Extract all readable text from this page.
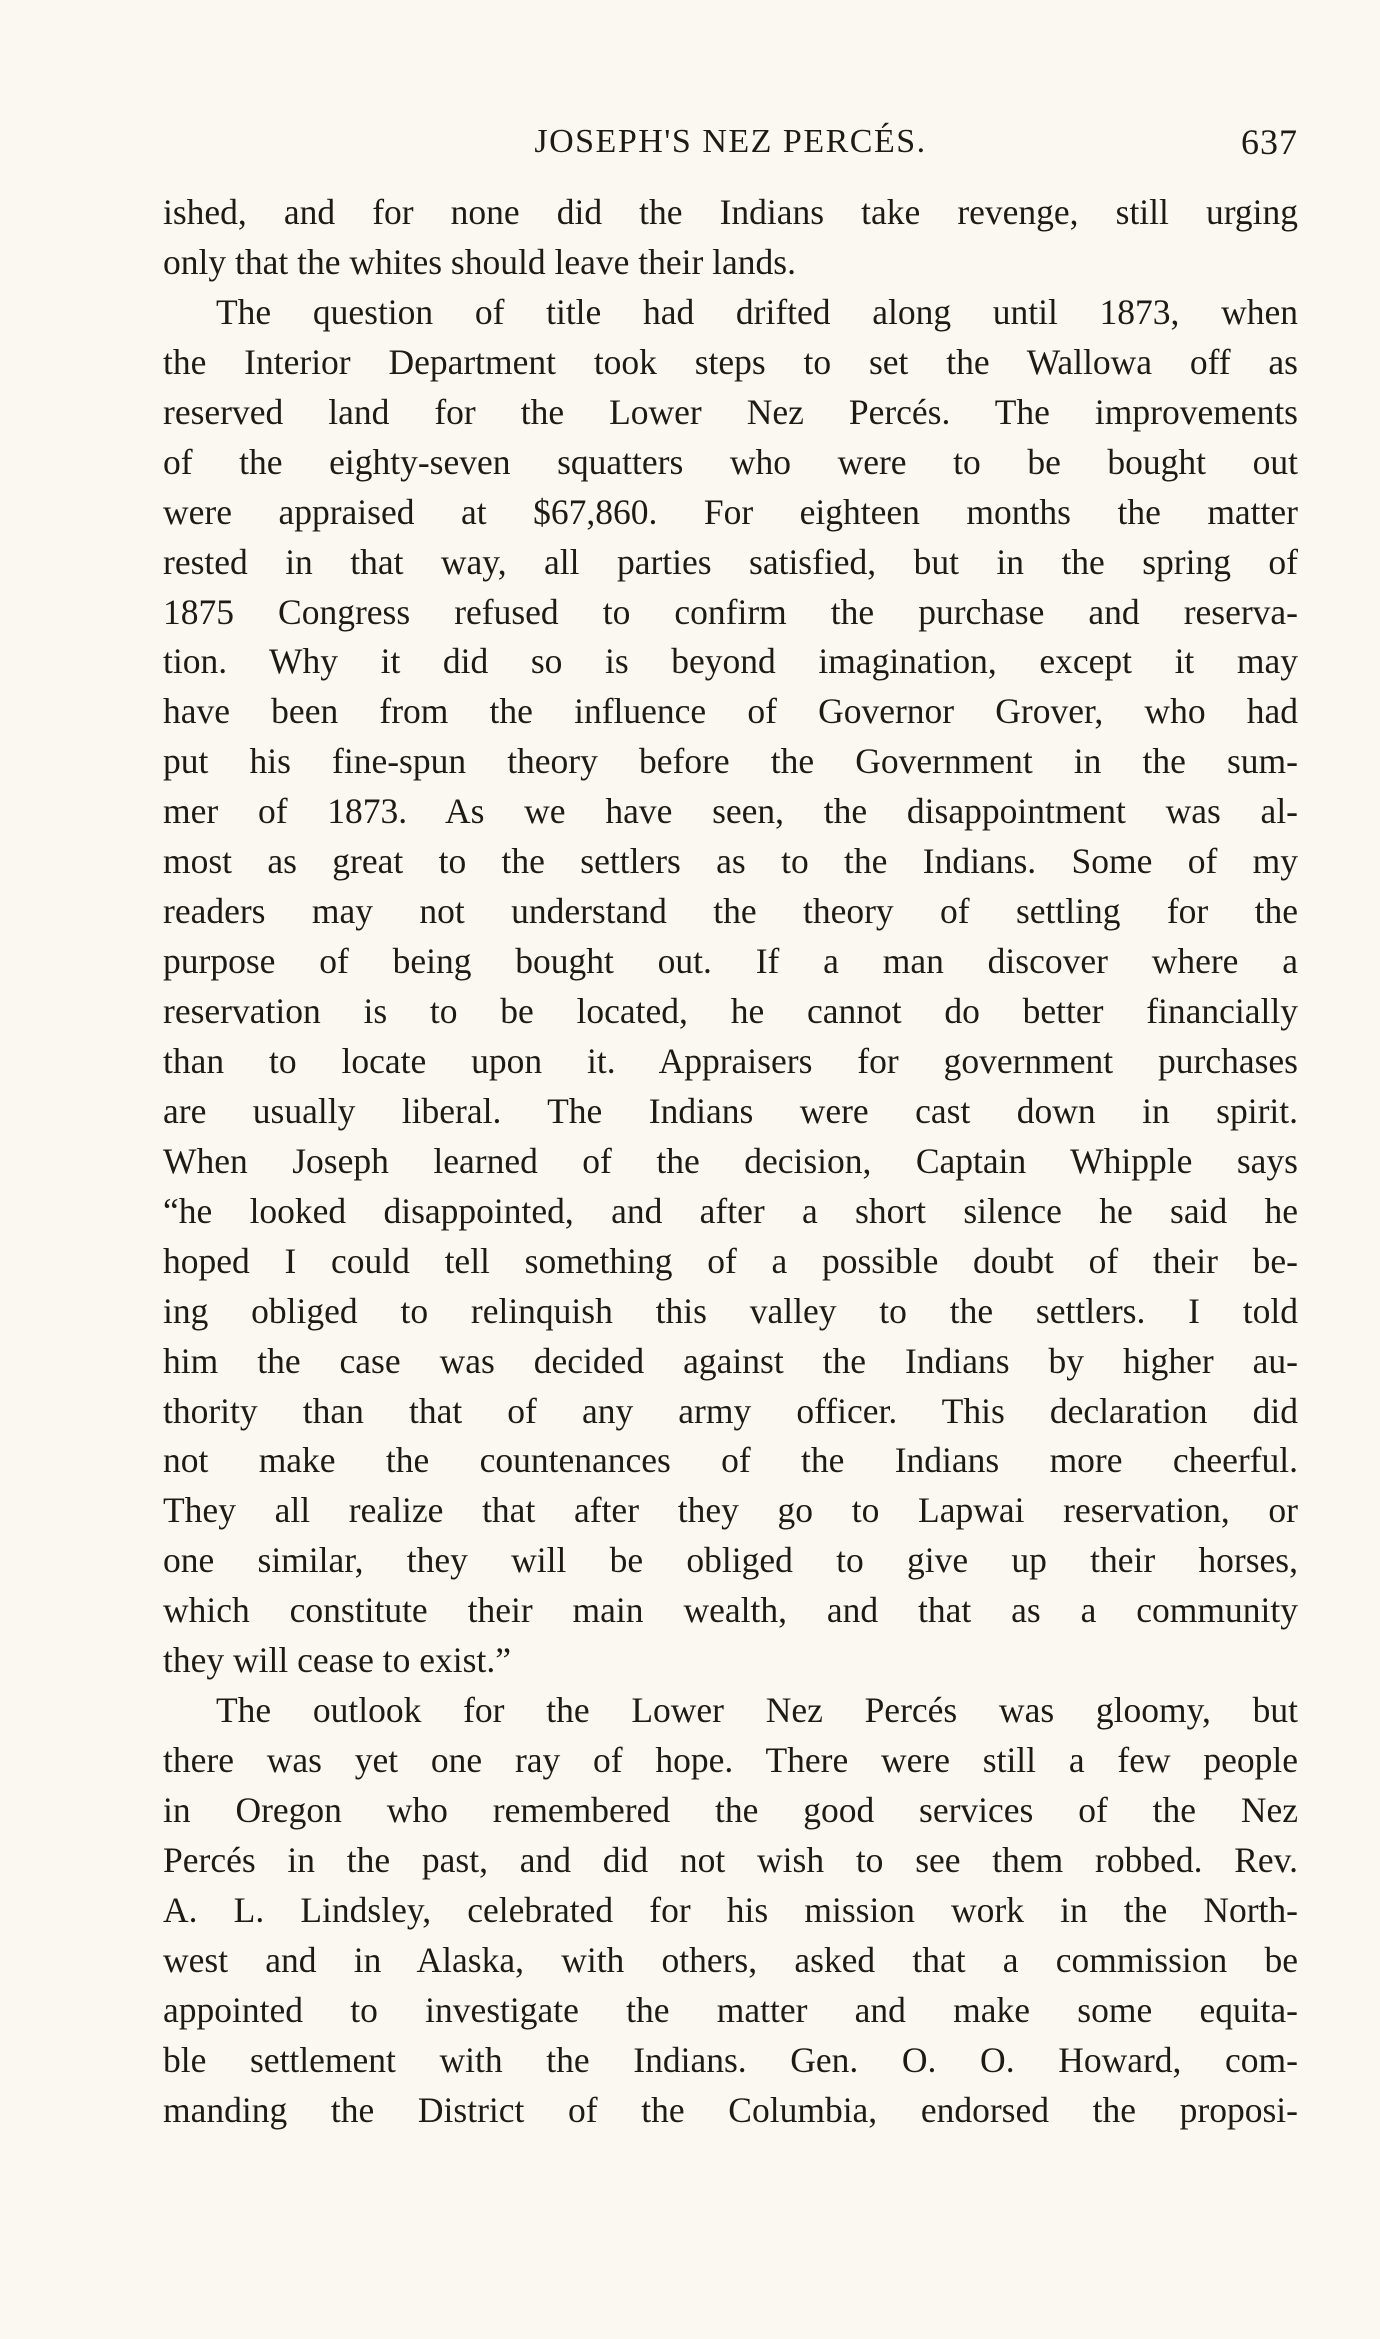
JOSEPH'S NEZ PERCÉS.	637
ished, and for none did the Indians take revenge, still urging
only that the whites should leave their lands.
The question of title had drifted along until 1873, when
the Interior Department took steps to set the Wallowa off as
reserved land for the Lower Nez Percés. The improvements
of the eighty-seven squatters who were to be bought out
were appraised at $67,860. For eighteen months the matter
rested in that way, all parties satisfied, but in the spring of
1875 Congress refused to confirm the purchase and reserva-
tion. Why it did so is beyond imagination, except it may
have been from the influence of Governor Grover, who had
put his fine-spun theory before the Government in the sum-
mer of 1873. As we have seen, the disappointment was al-
most as great to the settlers as to the Indians. Some of my
readers may not understand the theory of settling for the
purpose of being bought out. If a man discover where a
reservation is to be located, he cannot do better financially
than to locate upon it. Appraisers for government purchases
are usually liberal. The Indians were cast down in spirit.
When Joseph learned of the decision, Captain Whipple says
“he looked disappointed, and after a short silence he said he
hoped I could tell something of a possible doubt of their be-
ing obliged to relinquish this valley to the settlers. I told
him the case was decided against the Indians by higher au-
thority than that of any army officer. This declaration did
not make the countenances of the Indians more cheerful.
They all realize that after they go to Lapwai reservation, or
one similar, they will be obliged to give up their horses,
which constitute their main wealth, and that as a community
they will cease to exist.”
The outlook for the Lower Nez Percés was gloomy, but
there was yet one ray of hope. There were still a few people
in Oregon who remembered the good services of the Nez
Percés in the past, and did not wish to see them robbed. Rev.
A. L. Lindsley, celebrated for his mission work in the North-
west and in Alaska, with others, asked that a commission be
appointed to investigate the matter and make some equita-
ble settlement with the Indians. Gen. O. O. Howard, com-
manding the District of the Columbia, endorsed the proposi-
